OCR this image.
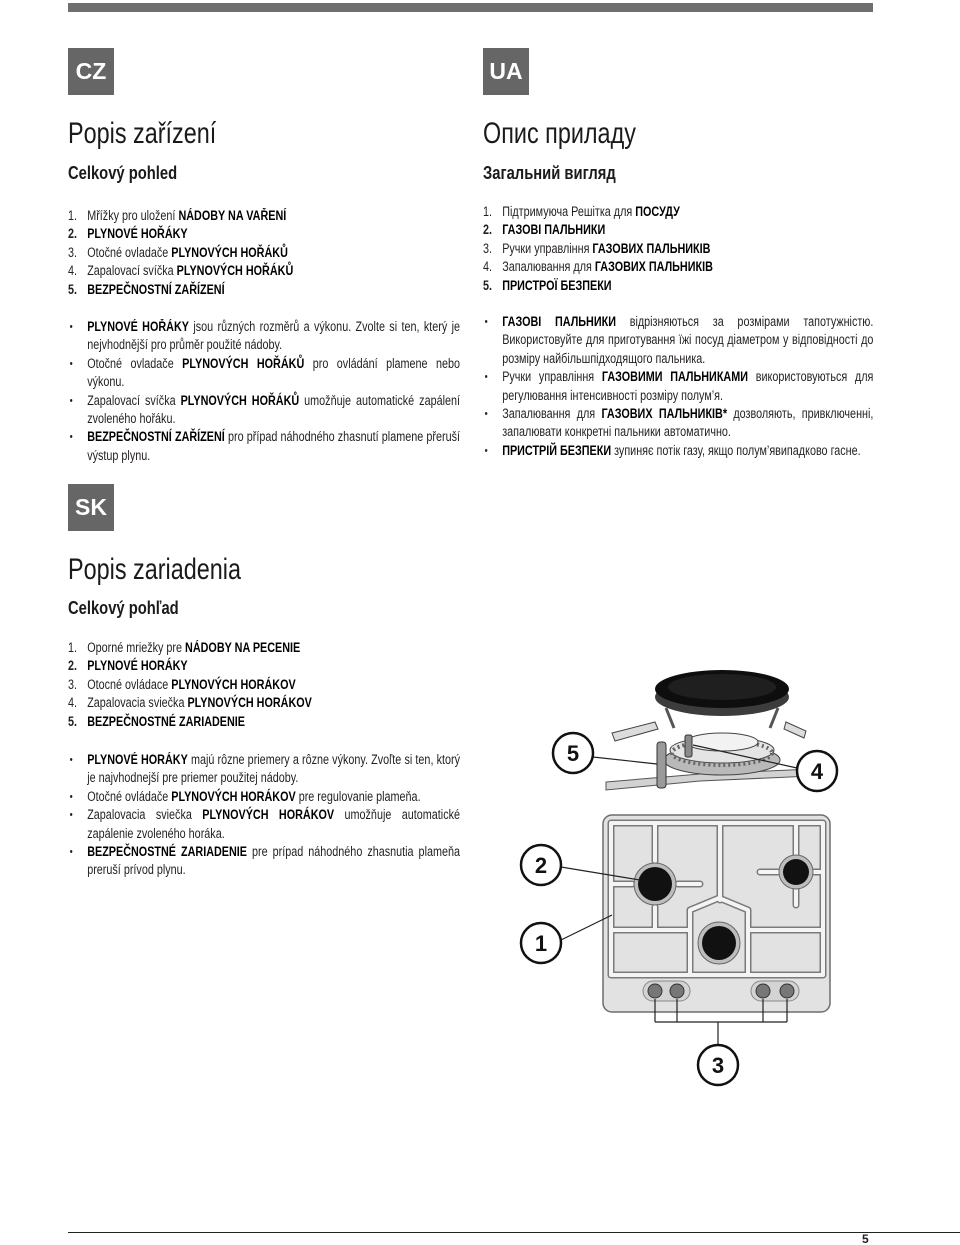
CZ
Popis zařízení
Celkový pohled
1. Mřížky pro uložení NÁDOBY NA VAŘENÍ
2. PLYNOVÉ HOŘÁKY
3. Otočné ovladače PLYNOVÝCH HOŘÁKŮ
4. Zapalovací svíčka PLYNOVÝCH HOŘÁKŮ
5. BEZPEČNOSTNÍ ZAŘÍZENÍ
• PLYNOVÉ HOŘÁKY jsou různých rozměrů a výkonu. Zvolte si ten, který je nejvhodnější pro průměr použité nádoby.
• Otočné ovladače PLYNOVÝCH HOŘÁKŮ pro ovládání plamene nebo výkonu.
• Zapalovací svíčka PLYNOVÝCH HOŘÁKŮ umožňuje automatické zapálení zvoleného hořáku.
• BEZPEČNOSTNÍ ZAŘÍZENÍ pro případ náhodného zhasnutí plamene přeruší výstup plynu.
UA
Опис приладу
Загальний вигляд
1. Підтримуюча Решітка для ПОСУДУ
2. ГАЗОВІ ПАЛЬНИКИ
3. Ручки управління ГАЗОВИХ ПАЛЬНИКІВ
4. Запалювання для ГАЗОВИХ ПАЛЬНИКІВ
5. ПРИСТРОЇ БЕЗПЕКИ
• ГАЗОВІ ПАЛЬНИКИ відрізняються за розмірами тапотужністю. Використовуйте для приготування їжі посуд діаметром у відповідності до розміру найбільшпідходящого пальника.
• Ручки управління ГАЗОВИМИ ПАЛЬНИКАМИ використовуються для регулювання інтенсивності розміру полум’я.
• Запалювання для ГАЗОВИХ ПАЛЬНИКІВ* дозволяють, привключенні, запалювати конкретні пальники автоматично.
• ПРИСТРІЙ БЕЗПЕКИ зупиняє потік газу, якщо полум’явипадково гасне.
SK
Popis zariadenia
Celkový pohľad
1. Oporné mriežky pre NÁDOBY NA PECENIE
2. PLYNOVÉ HORÁKY
3. Otocné ovládace PLYNOVÝCH HORÁKOV
4. Zapalovacia sviečka PLYNOVÝCH HORÁKOV
5. BEZPEČNOSTNÉ ZARIADENIE
• PLYNOVÉ HORÁKY majú rôzne priemery a rôzne výkony. Zvoľte si ten, ktorý je najvhodnejší pre priemer použitej nádoby.
• Otočné ovládače PLYNOVÝCH HORÁKOV pre regulovanie plameňa.
• Zapalovacia sviečka PLYNOVÝCH HORÁKOV umožňuje automatické zapálenie zvoleného horáka.
• BEZPEČNOSTNÉ ZARIADENIE pre prípad náhodného zhasnutia plameňa preruší prívod plynu.
5
4
2
1
3
5
